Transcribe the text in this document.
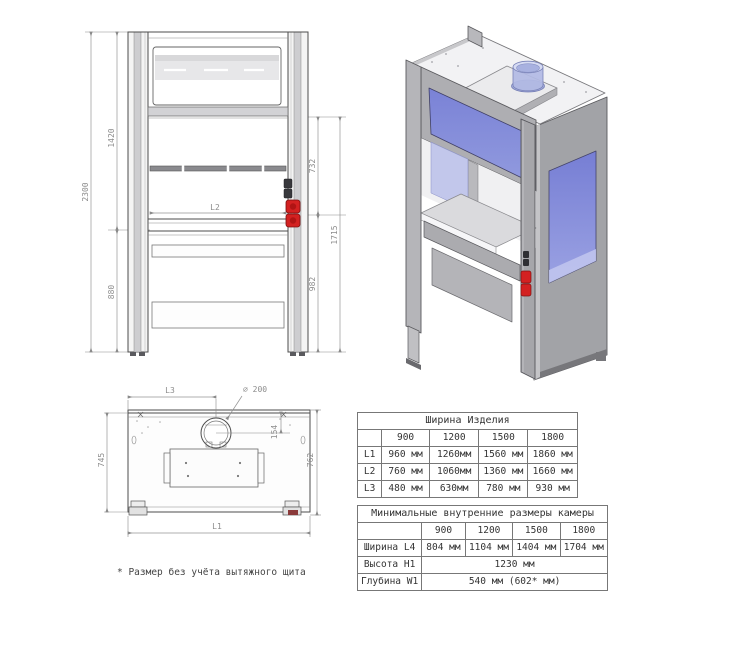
2300
1420
880
732
982
1715
L2
L3	⌀ 200
154
745	762
L1
Ширина Изделия				
	900	1200	1500	1800
L1	960 мм	1260мм	1560 мм	1860 мм
L2	760 мм	1060мм	1360 мм	1660 мм
L3	480 мм	630мм	780 мм	930 мм
Минимальные внутренние размеры камеры				
	900	1200	1500	1800
Ширина L4	804 мм	1104 мм	1404 мм	1704 мм
Высота H1	1230 мм			
Глубина W1	540 мм (602* мм)			
* Размер без учёта вытяжного щита
